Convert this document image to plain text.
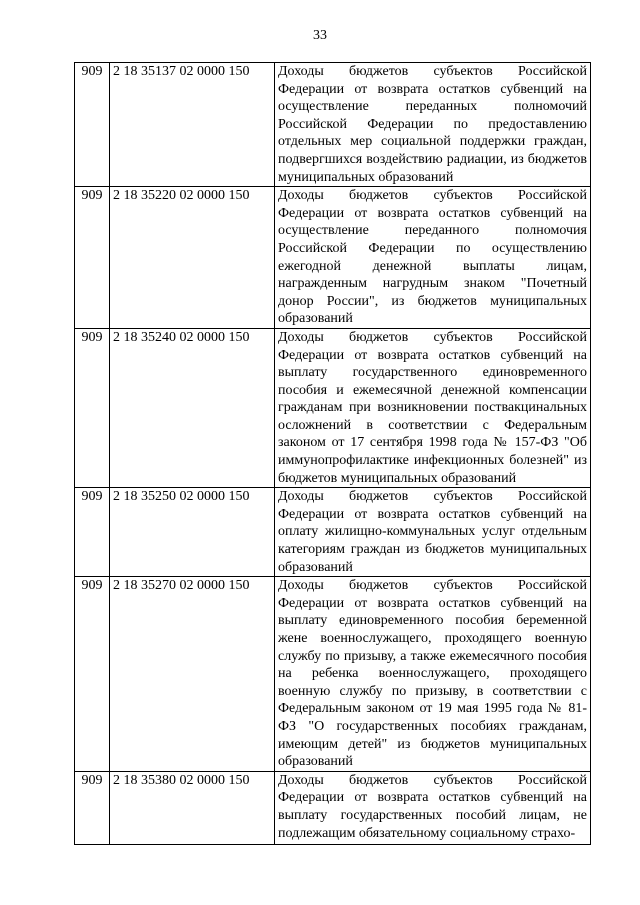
33
909	2 18 35137 02 0000 150	Доходы бюджетов субъектов Российской Федерации от возврата остатков субвенций на осуществление переданных полномочий Российской Федерации по предоставлению отдельных мер социальной поддержки граждан, подвергшихся воздействию радиации, из бюджетов муниципальных образований
909	2 18 35220 02 0000 150	Доходы бюджетов субъектов Российской Федерации от возврата остатков субвенций на осуществление переданного полномочия Российской Федерации по осуществлению ежегодной денежной выплаты лицам, награжденным нагрудным знаком "Почетный донор России", из бюджетов муниципальных образований
909	2 18 35240 02 0000 150	Доходы бюджетов субъектов Российской Федерации от возврата остатков субвенций на выплату государственного единовременного пособия и ежемесячной денежной компенсации гражданам при возникновении поствакцинальных осложнений в соответствии с Федеральным законом от 17 сентября 1998 года № 157-ФЗ "Об иммунопрофилактике инфекционных болезней" из бюджетов муниципальных образований
909	2 18 35250 02 0000 150	Доходы бюджетов субъектов Российской Федерации от возврата остатков субвенций на оплату жилищно-коммунальных услуг отдельным категориям граждан из бюджетов муниципальных образований
909	2 18 35270 02 0000 150	Доходы бюджетов субъектов Российской Федерации от возврата остатков субвенций на выплату единовременного пособия беременной жене военнослужащего, проходящего военную службу по призыву, а также ежемесячного пособия на ребенка военнослужащего, проходящего военную службу по призыву, в соответствии с Федеральным законом от 19 мая 1995 года № 81-ФЗ "О государственных пособиях гражданам, имеющим детей" из бюджетов муниципальных образований
909	2 18 35380 02 0000 150	Доходы бюджетов субъектов Российской Федерации от возврата остатков субвенций на выплату государственных пособий лицам, не подлежащим обязательному социальному страхо-
